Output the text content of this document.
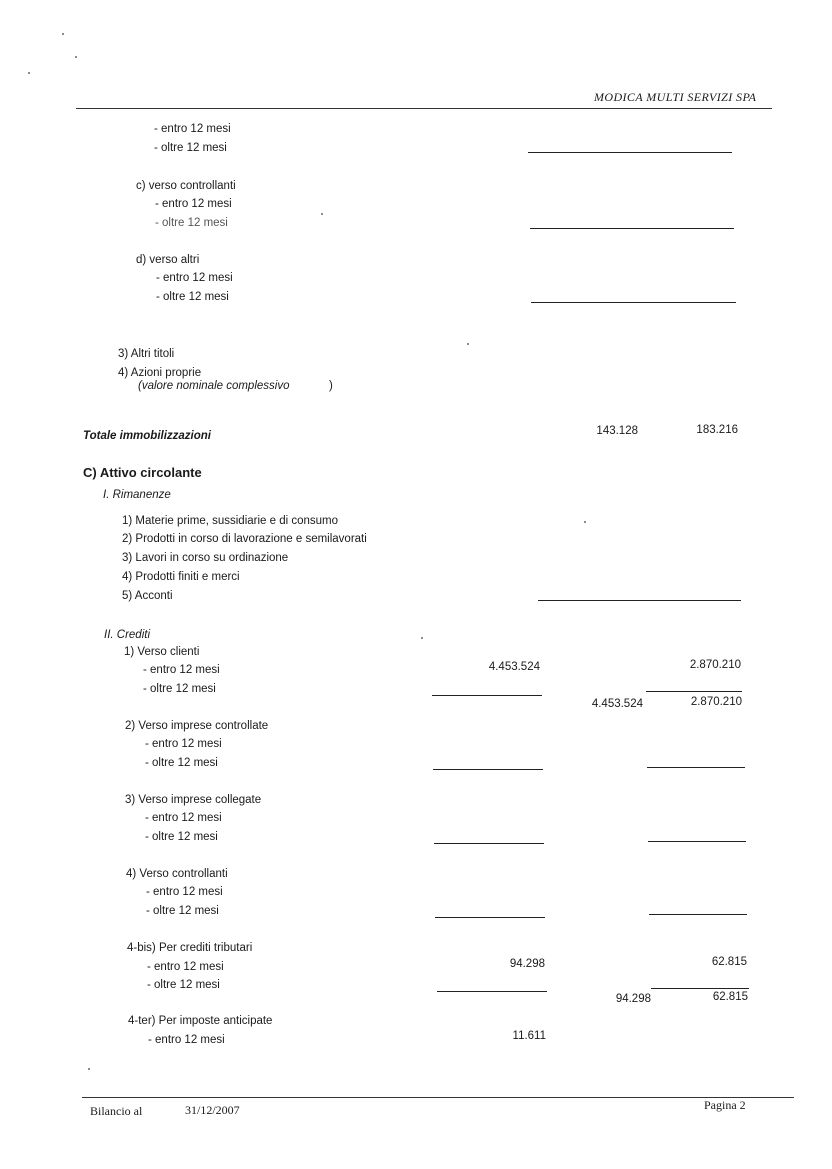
MODICA MULTI SERVIZI SPA
- entro 12 mesi
- oltre 12 mesi
c) verso controllanti
- entro 12 mesi
- oltre 12 mesi
d) verso altri
- entro 12 mesi
- oltre 12 mesi
3) Altri titoli
4) Azioni proprie
(valore nominale complessivo	)
Totale immobilizzazioni	143.128	183.216
C) Attivo circolante
I. Rimanenze
1) Materie prime, sussidiarie e di consumo
2) Prodotti in corso di lavorazione e semilavorati
3) Lavori in corso su ordinazione
4) Prodotti finiti e merci
5) Acconti
II. Crediti
1) Verso clienti
- entro 12 mesi	4.453.524	2.870.210
- oltre 12 mesi
4.453.524	2.870.210
2) Verso imprese controllate
- entro 12 mesi
- oltre 12 mesi
3) Verso imprese collegate
- entro 12 mesi
- oltre 12 mesi
4) Verso controllanti
- entro 12 mesi
- oltre 12 mesi
4-bis) Per crediti tributari
- entro 12 mesi	94.298	62.815
- oltre 12 mesi
94.298	62.815
4-ter) Per imposte anticipate
- entro 12 mesi	11.611
Bilancio al	31/12/2007	Pagina 2
